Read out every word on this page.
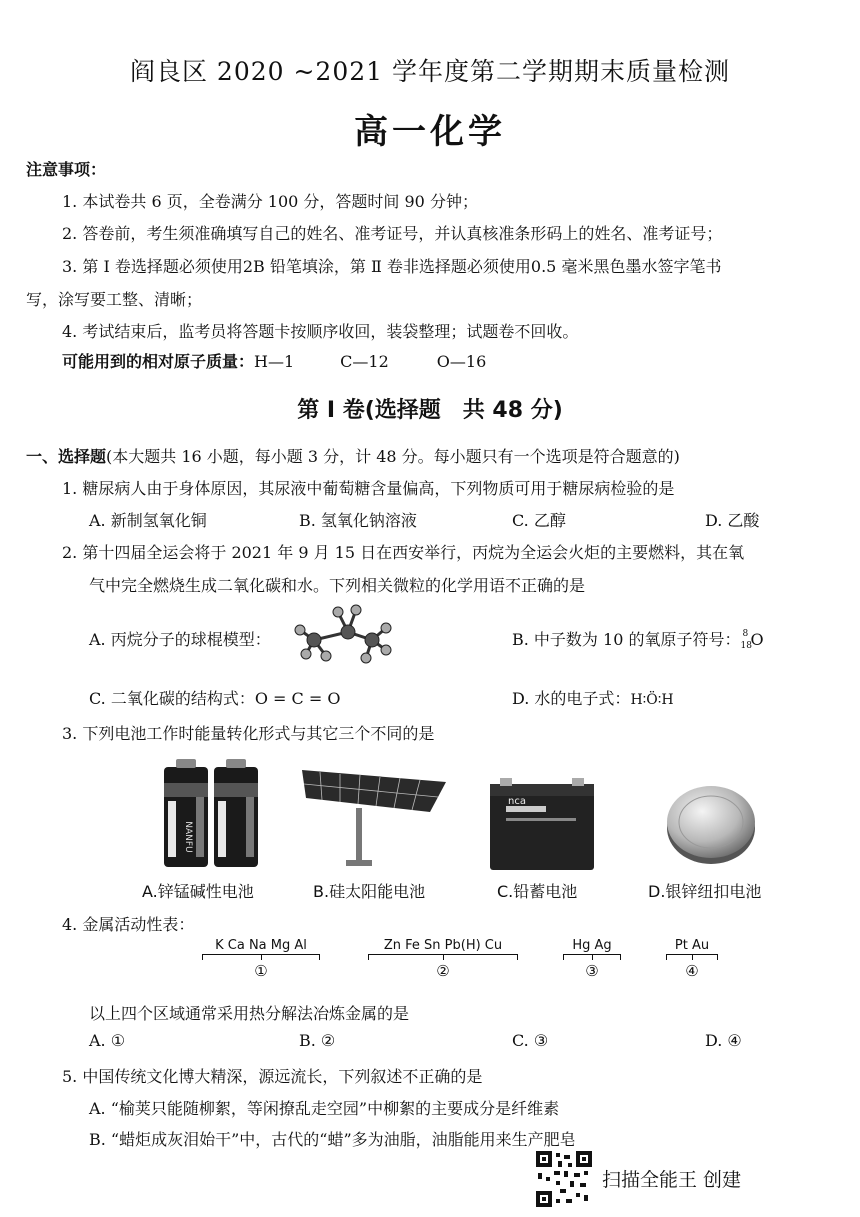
阎良区 2020 ~2021 学年度第二学期期末质量检测
高一化学
注意事项：
1. 本试卷共 6 页，全卷满分 100 分，答题时间 90 分钟；
2. 答卷前，考生须准确填写自己的姓名、准考证号，并认真核准条形码上的姓名、准考证号；
3. 第 Ⅰ 卷选择题必须使用2B 铅笔填涂，第 Ⅱ 卷非选择题必须使用0.5 毫米黑色墨水签字笔书
写，涂写要工整、清晰；
4. 考试结束后，监考员将答题卡按顺序收回，装袋整理；试题卷不回收。
可能用到的相对原子质量：H—1	C—12	O—16
第 Ⅰ 卷(选择题　共 48 分)
一、选择题(本大题共 16 小题，每小题 3 分，计 48 分。每小题只有一个选项是符合题意的)
1. 糖尿病人由于身体原因，其尿液中葡萄糖含量偏高，下列物质可用于糖尿病检验的是
A. 新制氢氧化铜	B. 氢氧化钠溶液	C. 乙醇	D. 乙酸
2. 第十四届全运会将于 2021 年 9 月 15 日在西安举行，丙烷为全运会火炬的主要燃料，其在氧
气中完全燃烧生成二氧化碳和水。下列相关微粒的化学用语不正确的是
A. 丙烷分子的球棍模型：	B. 中子数为 10 的氧原子符号： 8
18
O
C. 二氧化碳的结构式：O = C = O	D. 水的电子式：H∶Ö∶H
3. 下列电池工作时能量转化形式与其它三个不同的是
NANFU
nca
A.锌锰碱性电池	B.硅太阳能电池	C.铅蓄电池	D.银锌纽扣电池
4. 金属活动性表：
K Ca Na Mg Al
①
Zn Fe Sn Pb(H) Cu
②
Hg Ag
③
Pt Au
④
以上四个区域通常采用热分解法冶炼金属的是
A. ①	B. ②	C. ③	D. ④
5. 中国传统文化博大精深，源远流长，下列叙述不正确的是
A. “榆荚只能随柳絮，等闲撩乱走空园”中柳絮的主要成分是纤维素
B. “蜡炬成灰泪始干”中，古代的“蜡”多为油脂，油脂能用来生产肥皂
扫描全能王 创建
